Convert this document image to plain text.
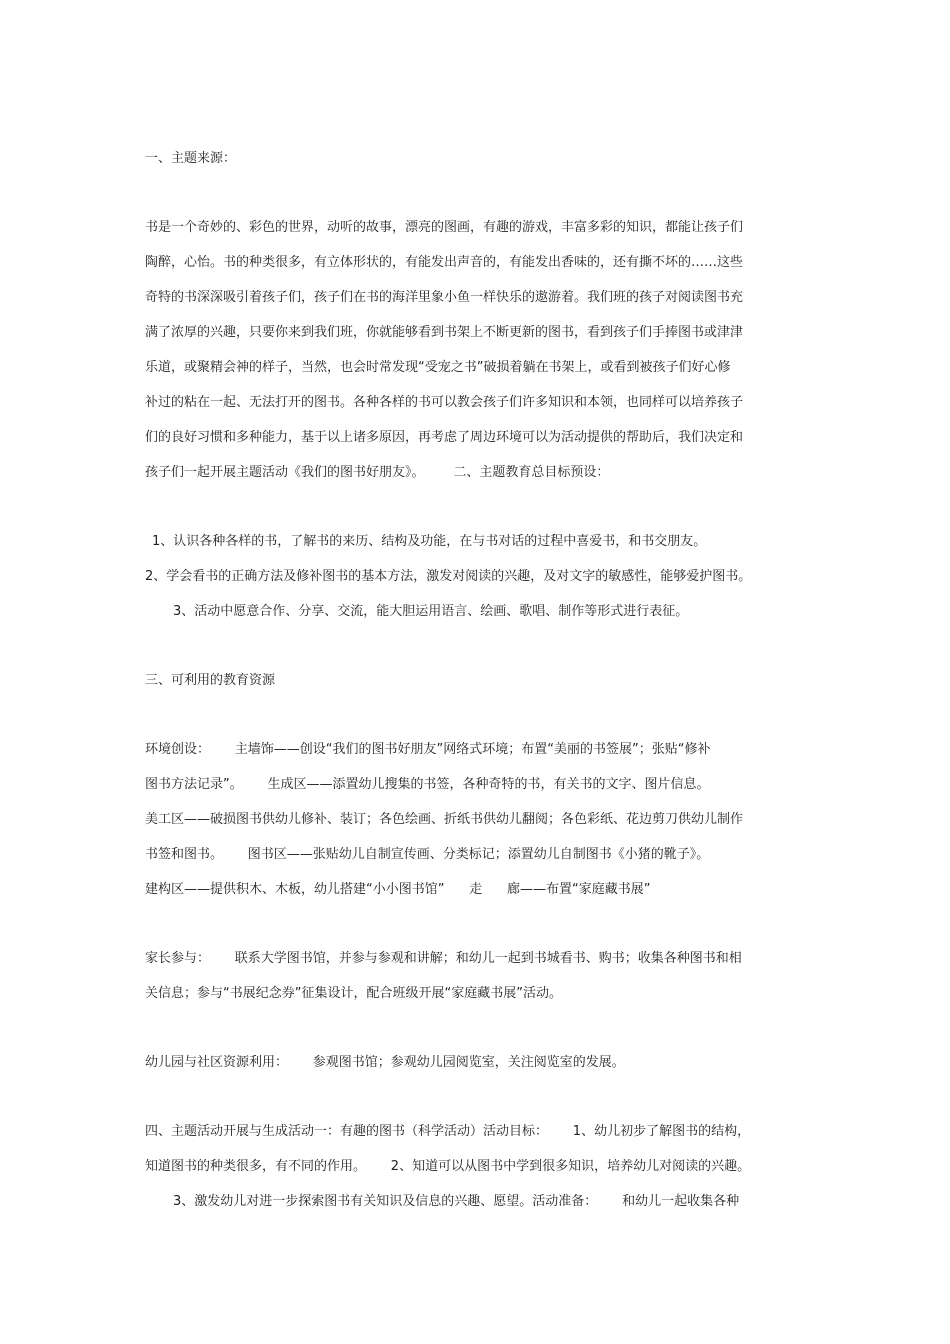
一、主题来源：
书是一个奇妙的、彩色的世界，动听的故事，漂亮的图画，有趣的游戏，丰富多彩的知识，都能让孩子们
陶醉，心怡。书的种类很多，有立体形状的，有能发出声音的，有能发出香味的，还有撕不坏的……这些
奇特的书深深吸引着孩子们，孩子们在书的海洋里象小鱼一样快乐的遨游着。我们班的孩子对阅读图书充
满了浓厚的兴趣，只要你来到我们班，你就能够看到书架上不断更新的图书，看到孩子们手捧图书或津津
乐道，或聚精会神的样子，当然，也会时常发现“受宠之书”破损着躺在书架上，或看到被孩子们好心修
补过的粘在一起、无法打开的图书。各种各样的书可以教会孩子们许多知识和本领，也同样可以培养孩子
们的良好习惯和多种能力，基于以上诸多原因，再考虑了周边环境可以为活动提供的帮助后，我们决定和
孩子们一起开展主题活动《我们的图书好朋友》。       二、主题教育总目标预设：
1、认识各种各样的书，了解书的来历、结构及功能，在与书对话的过程中喜爱书，和书交朋友。
2、学会看书的正确方法及修补图书的基本方法，激发对阅读的兴趣，及对文字的敏感性，能够爱护图书。
3、活动中愿意合作、分享、交流，能大胆运用语言、绘画、歌唱、制作等形式进行表征。
三、可利用的教育资源
环境创设：      主墙饰——创设“我们的图书好朋友”网络式环境；布置“美丽的书签展”；张贴“修补
图书方法记录”。      生成区——添置幼儿搜集的书签，各种奇特的书，有关书的文字、图片信息。
美工区——破损图书供幼儿修补、装订；各色绘画、折纸书供幼儿翻阅；各色彩纸、花边剪刀供幼儿制作
书签和图书。      图书区——张贴幼儿自制宣传画、分类标记；添置幼儿自制图书《小猪的靴子》。
建构区——提供积木、木板，幼儿搭建“小小图书馆”      走      廊——布置“家庭藏书展”
家长参与：      联系大学图书馆，并参与参观和讲解；和幼儿一起到书城看书、购书；收集各种图书和相
关信息；参与“书展纪念券”征集设计，配合班级开展“家庭藏书展”活动。
幼儿园与社区资源利用：      参观图书馆；参观幼儿园阅览室，关注阅览室的发展。
四、主题活动开展与生成活动一：有趣的图书（科学活动）活动目标：      1、幼儿初步了解图书的结构，
知道图书的种类很多，有不同的作用。      2、知道可以从图书中学到很多知识，培养幼儿对阅读的兴趣。
3、激发幼儿对进一步探索图书有关知识及信息的兴趣、愿望。活动准备：      和幼儿一起收集各种
